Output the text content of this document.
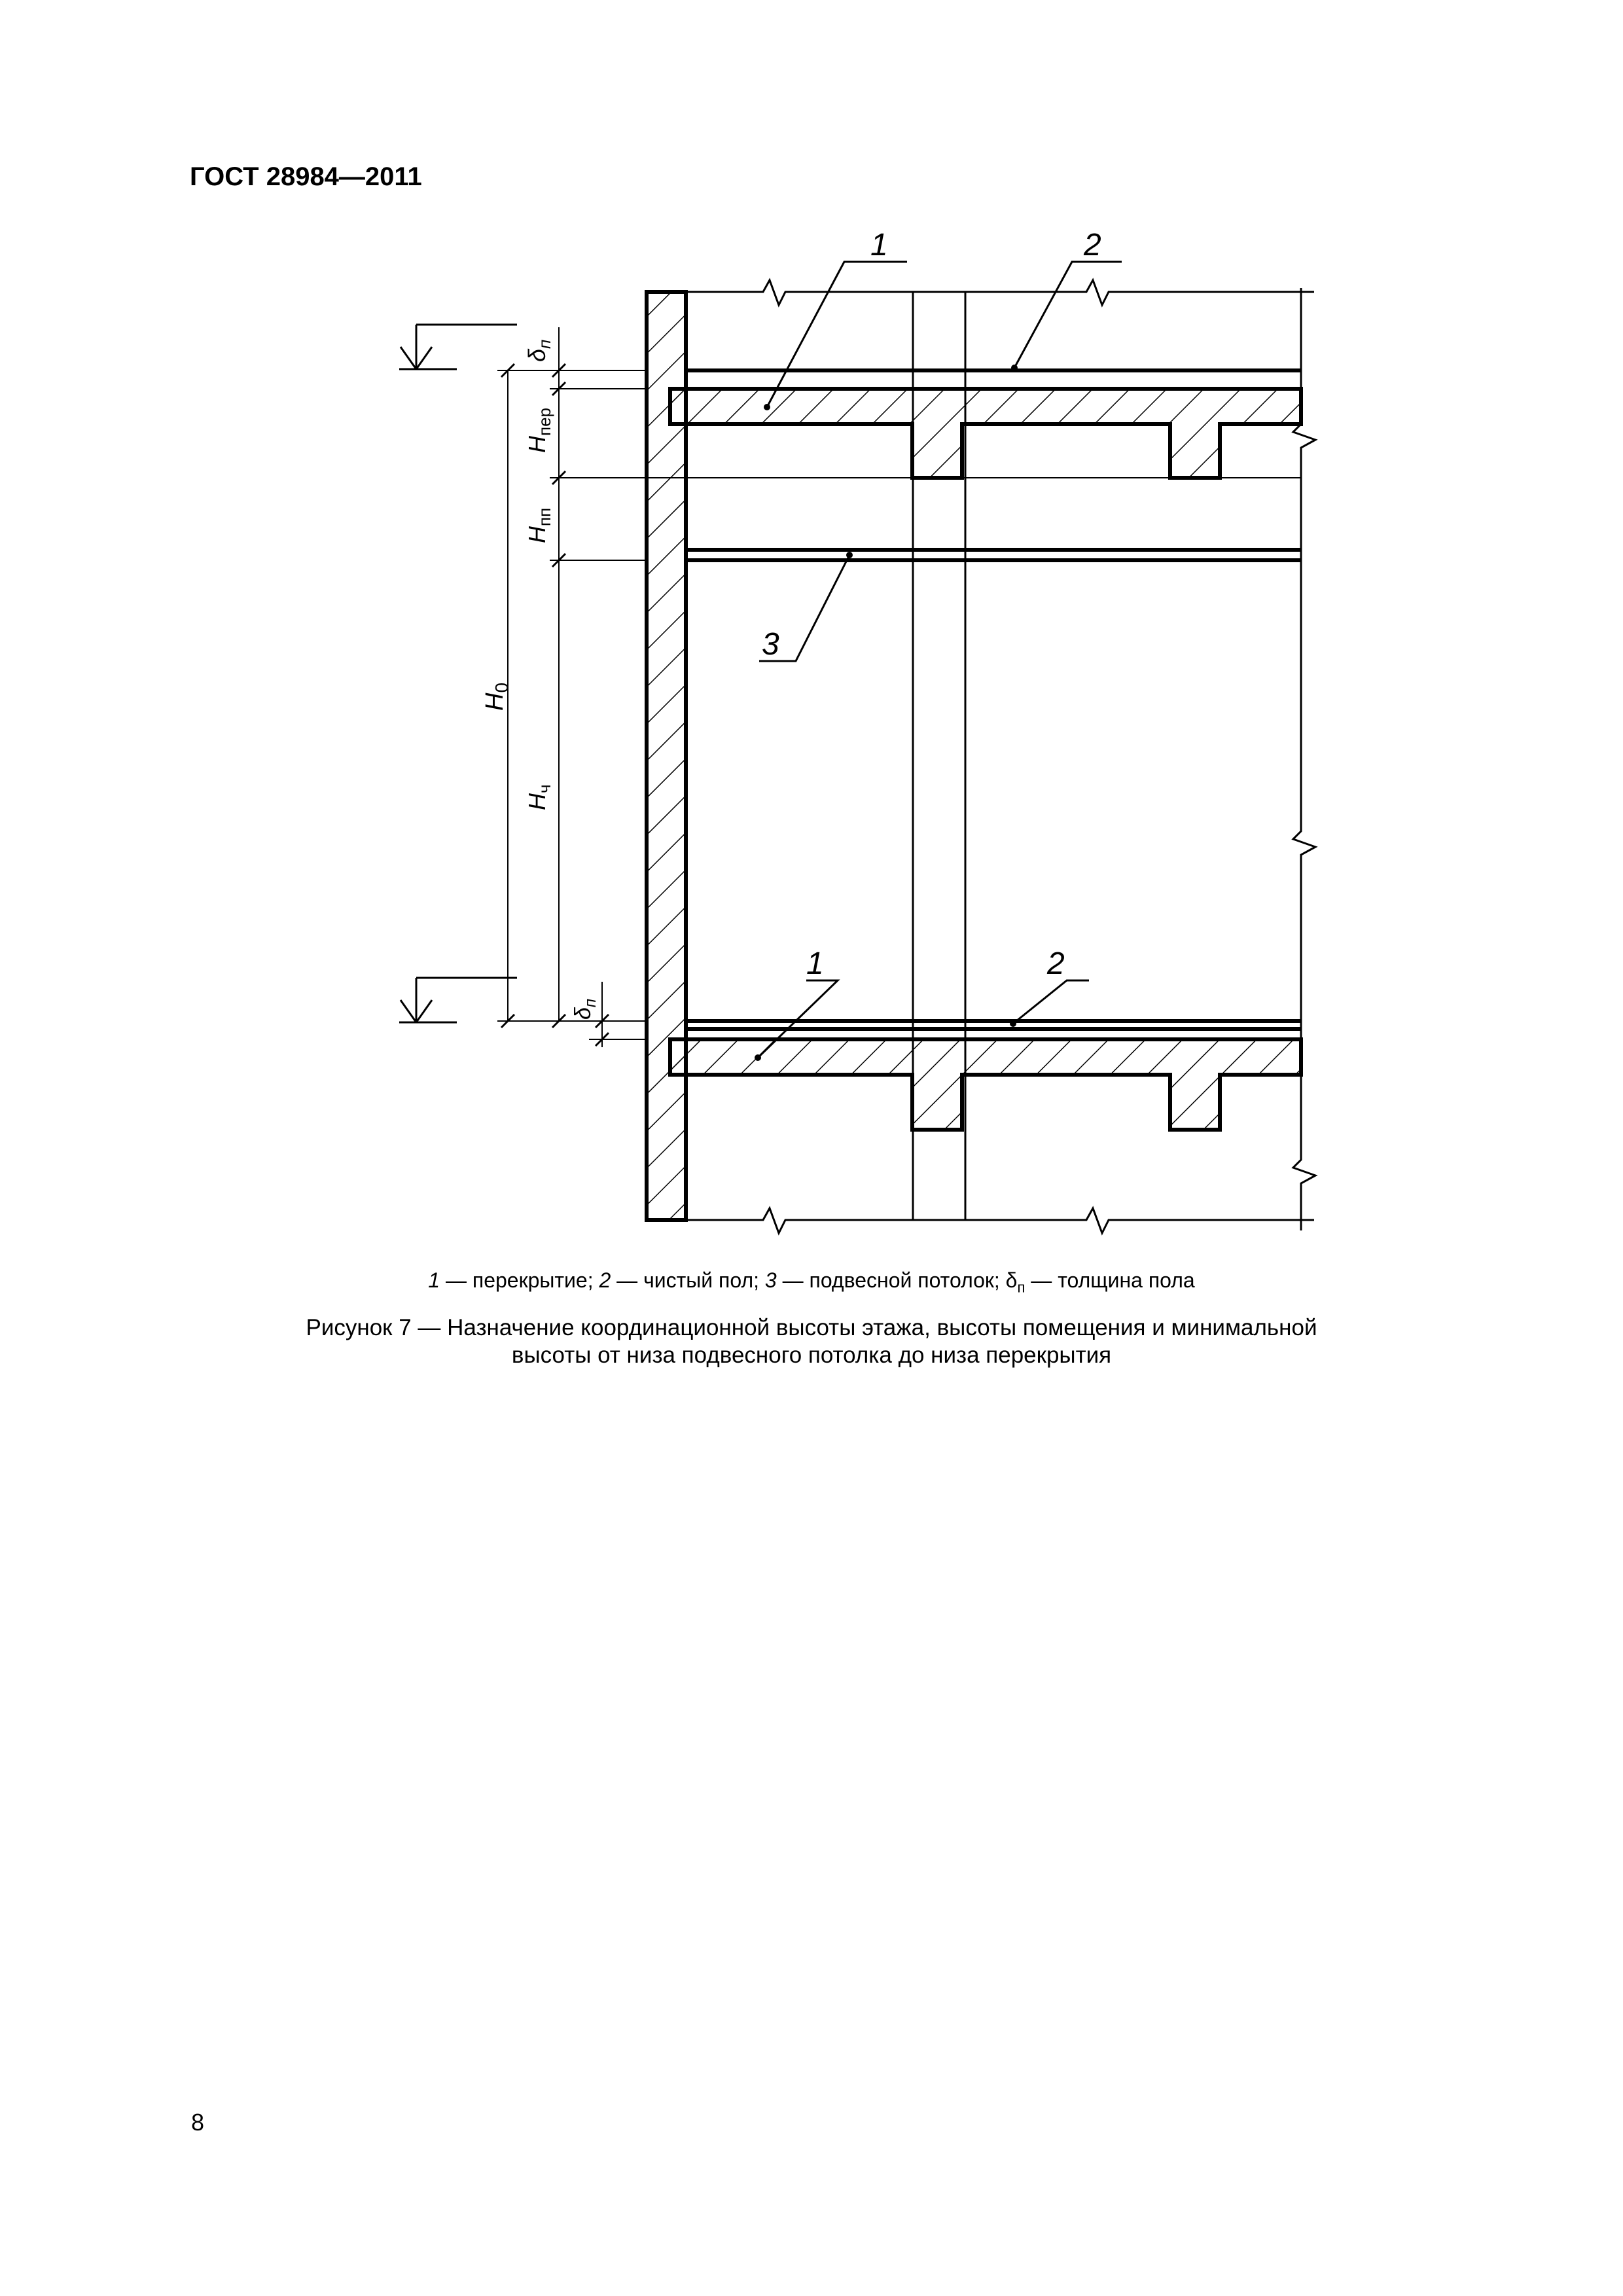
ГОСТ 28984—2011
$\delta_п$
$H_{пер}$
$H_{пп}$
$H_0$
$H_ч$
$\delta_п$
1	2
3
1	2
1 — перекрытие; 2 — чистый пол; 3 — подвесной потолок; $\delta_п$ — толщина пола
Рисунок 7 — Назначение координационной высоты этажа, высоты помещения и минимальной
высоты от низа подвесного потолка до низа перекрытия
8
